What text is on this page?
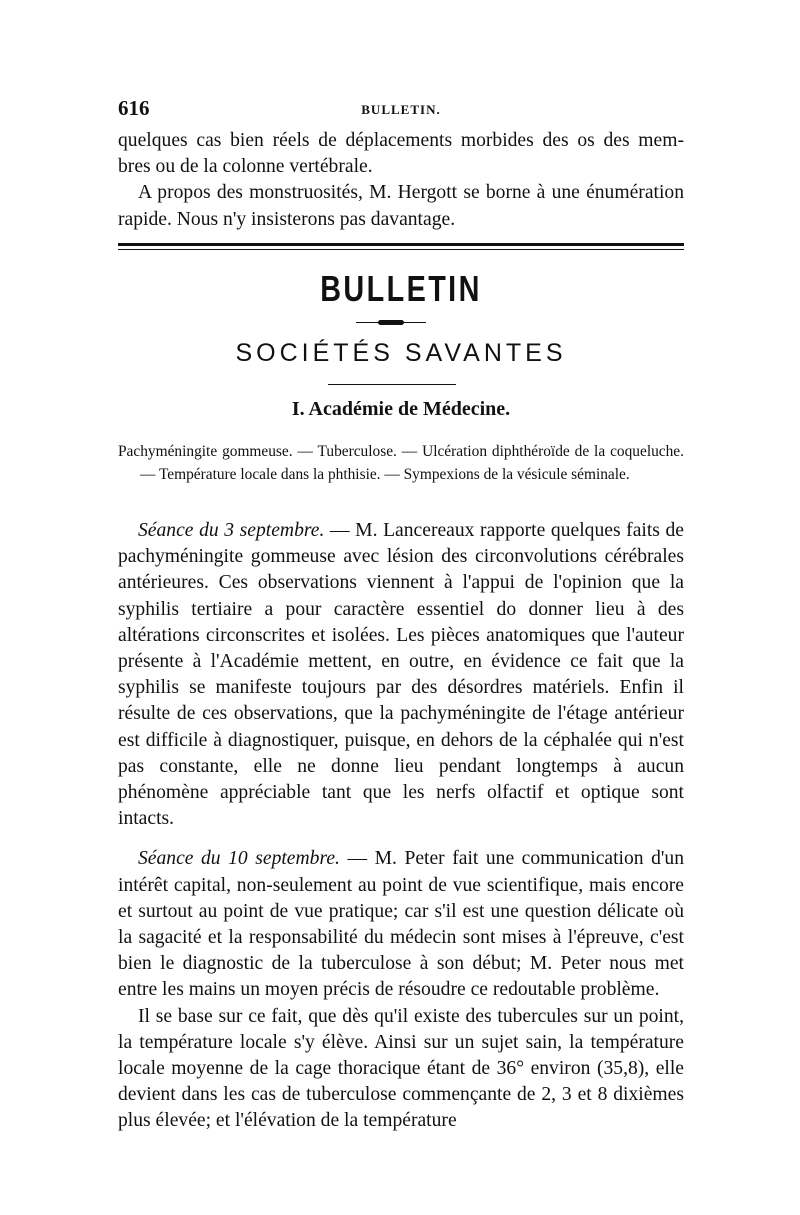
616	BULLETIN.

quelques cas bien réels de déplacements morbides des os des mem-

bres ou de la colonne vertébrale.

A propos des monstruosités, M. Hergott se borne à une énumération rapide. Nous n'y insisterons pas davantage.

BULLETIN
SOCIÉTÉS SAVANTES
I. Académie de Médecine.

Pachyméningite gommeuse. — Tuberculose. — Ulcération diphthéroïde de la coqueluche. — Température locale dans la phthisie. — Sympexions de la vésicule séminale.

Séance du 3 septembre. — M. Lancereaux rapporte quelques faits de pachyméningite gommeuse avec lésion des circonvolutions cérébrales antérieures. Ces observations viennent à l'appui de l'opinion que la syphilis tertiaire a pour caractère essentiel do donner lieu à des altérations circonscrites et isolées. Les pièces anatomiques que l'auteur présente à l'Académie mettent, en outre, en évidence ce fait que la syphilis se manifeste toujours par des désordres matériels. Enfin il résulte de ces observations, que la pachyméningite de l'étage antérieur est difficile à diagnostiquer, puisque, en dehors de la céphalée qui n'est pas constante, elle ne donne lieu pendant longtemps à aucun phénomène appréciable tant que les nerfs olfactif et optique sont intacts.

Séance du 10 septembre. — M. Peter fait une communication d'un intérêt capital, non-seulement au point de vue scientifique, mais encore et surtout au point de vue pratique; car s'il est une question délicate où la sagacité et la responsabilité du médecin sont mises à l'épreuve, c'est bien le diagnostic de la tuberculose à son début; M. Peter nous met entre les mains un moyen précis de résoudre ce redoutable problème.

Il se base sur ce fait, que dès qu'il existe des tubercules sur un point, la température locale s'y élève. Ainsi sur un sujet sain, la température locale moyenne de la cage thoracique étant de 36° environ (35,8), elle devient dans les cas de tuberculose commençante de 2, 3 et 8 dixièmes plus élevée; et l'élévation de la température
